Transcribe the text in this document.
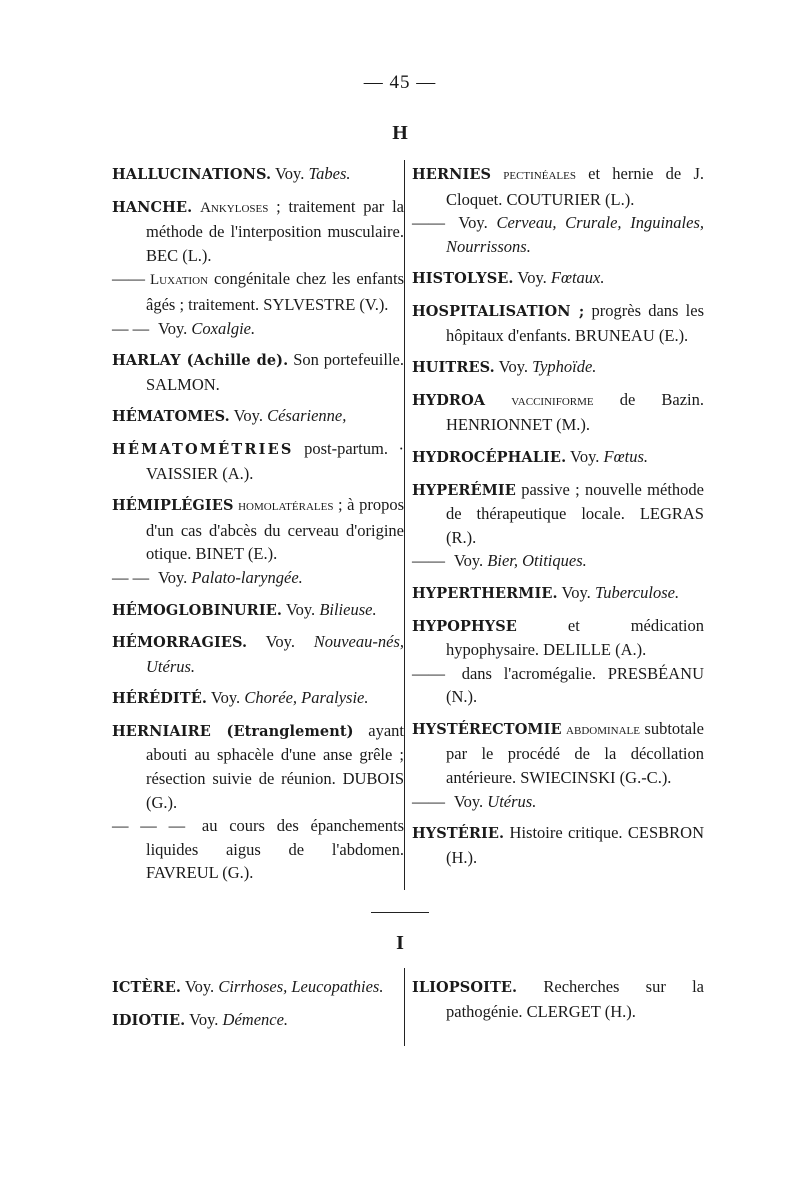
— 45 —
H

HALLUCINATIONS. Voy. Tabes.

HANCHE. Ankyloses ; traitement par la méthode de l'interposition musculaire. BEC (L.).
—— Luxation congénitale chez les enfants âgés ; traitement. SYLVESTRE (V.).
— — Voy. Coxalgie.

HARLAY (Achille de). Son portefeuille. SALMON.

HÉMATOMES. Voy. Césarienne,

HÉMATOMÉTRIES post-partum. · VAISSIER (A.).

HÉMIPLÉGIES homolatérales ; à propos d'un cas d'abcès du cerveau d'origine otique. BINET (E.).
— — Voy. Palato-laryngée.

HÉMOGLOBINURIE. Voy. Bilieuse.

HÉMORRAGIES. Voy. Nouveau-nés, Utérus.

HÉRÉDITÉ. Voy. Chorée, Paralysie.

HERNIAIRE (Etranglement) ayant abouti au sphacèle d'une anse grêle ; résection suivie de réunion. DUBOIS (G.).
— — — au cours des épanchements liquides aigus de l'abdomen. FAVREUL (G.).

HERNIES pectinéales et hernie de J. Cloquet. COUTURIER (L.).
—— Voy. Cerveau, Crurale, Inguinales, Nourrissons.

HISTOLYSE. Voy. Fœtaux.

HOSPITALISATION ; progrès dans les hôpitaux d'enfants. BRUNEAU (E.).

HUITRES. Voy. Typhoïde.

HYDROA vacciniforme de Bazin. HENRIONNET (M.).

HYDROCÉPHALIE. Voy. Fœtus.

HYPERÉMIE passive ; nouvelle méthode de thérapeutique locale. LEGRAS (R.).
—— Voy. Bier, Otitiques.

HYPERTHERMIE. Voy. Tuberculose.

HYPOPHYSE et médication hypophysaire. DELILLE (A.).
—— dans l'acromégalie. PRESBÉANU (N.).

HYSTÉRECTOMIE abdominale subtotale par le procédé de la décollation antérieure. SWIECINSKI (G.-C.).
—— Voy. Utérus.

HYSTÉRIE. Histoire critique. CESBRON (H.).

I

ICTÈRE. Voy. Cirrhoses, Leucopathies.

IDIOTIE. Voy. Démence.

ILIOPSOITE. Recherches sur la pathogénie. CLERGET (H.).
